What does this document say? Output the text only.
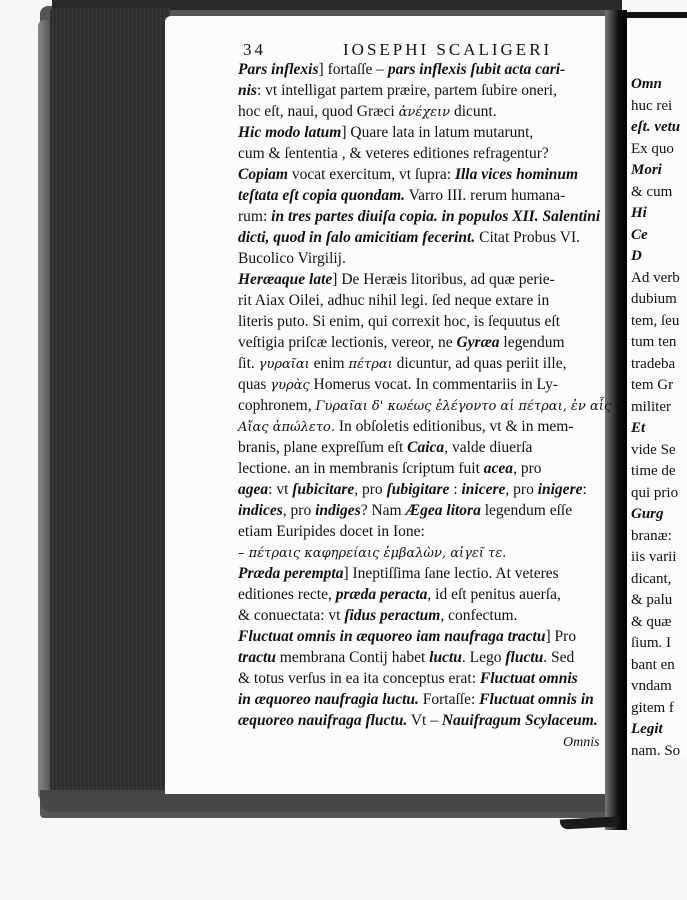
Omn
huc rei
eſt. vetu
Ex quo
Mori
& cum
Hi
Ce
D
Ad verb
dubium
tem, ſeu
tum ten
tradeba
tem Gr
militer
Et
vide Se
time de
qui prio
Gurg
branæ:
iis varii
dicant,
& palu
& quæ
ſium. I
bant en
vndam
gitem f
Legit
nam. So
34	IOSEPHI SCALIGERI
Pars inflexis] fortaſſe – pars inflexis ſubit acta cari-
nis: vt intelligat partem præire, partem ſubire oneri,
hoc eſt, naui, quod Græci ἀνέχειν dicunt.
Hic modo latum] Quare lata in latum mutarunt,
cum & ſententia , & veteres editiones refragentur?
Copiam vocat exercitum, vt ſupra: Illa vices hominum
teſtata eſt copia quondam. Varro III. rerum humana-
rum: in tres partes diuiſa copia. in populos XII. Salentini
dicti, quod in ſalo amicitiam fecerint. Citat Probus VI.
Bucolico Virgilij.
Heræaque late] De Heræis litoribus, ad quæ perie-
rit Aiax Oilei, adhuc nihil legi. ſed neque extare in
literis puto. Si enim, qui correxit hoc, is ſequutus eſt
veſtigia priſcæ lectionis, vereor, ne Gyræa legendum
ſit. γυραῖαι enim πέτραι dicuntur, ad quas periit ille,
quas γυρὰς Homerus vocat. In commentariis in Ly-
cophronem, Γυραῖαι δ' κωέως ἐλέγοντο αἱ πέτραι, ἐν αἷς ὁ
Αἴας ἀπώλετο. In obſoletis editionibus, vt & in mem-
branis, plane expreſſum eſt Caica, valde diuerſa
lectione. an in membranis ſcriptum fuit acea, pro
agea: vt ſubicitare, pro ſubigitare : inicere, pro inigere:
indices, pro indiges? Nam Ægea litora legendum eſſe
etiam Euripides docet in Ione:
– πέτραις καφηρείαις ἐμβαλὼν, αἰγεῖ τε.
Præda perempta] Ineptiſſima ſane lectio. At veteres
editiones recte, præda peracta, id eſt penitus auerſa,
& conuectata: vt ſidus peractum, confectum.
Fluctuat omnis in æquoreo iam naufraga tractu] Pro
tractu membrana Contij habet luctu. Lego fluctu. Sed
& totus verſus in ea ita conceptus erat: Fluctuat omnis
in æquoreo naufragia luctu. Fortaſſe: Fluctuat omnis in
æquoreo nauifraga fluctu. Vt – Nauifragum Scylaceum.
Omnis
